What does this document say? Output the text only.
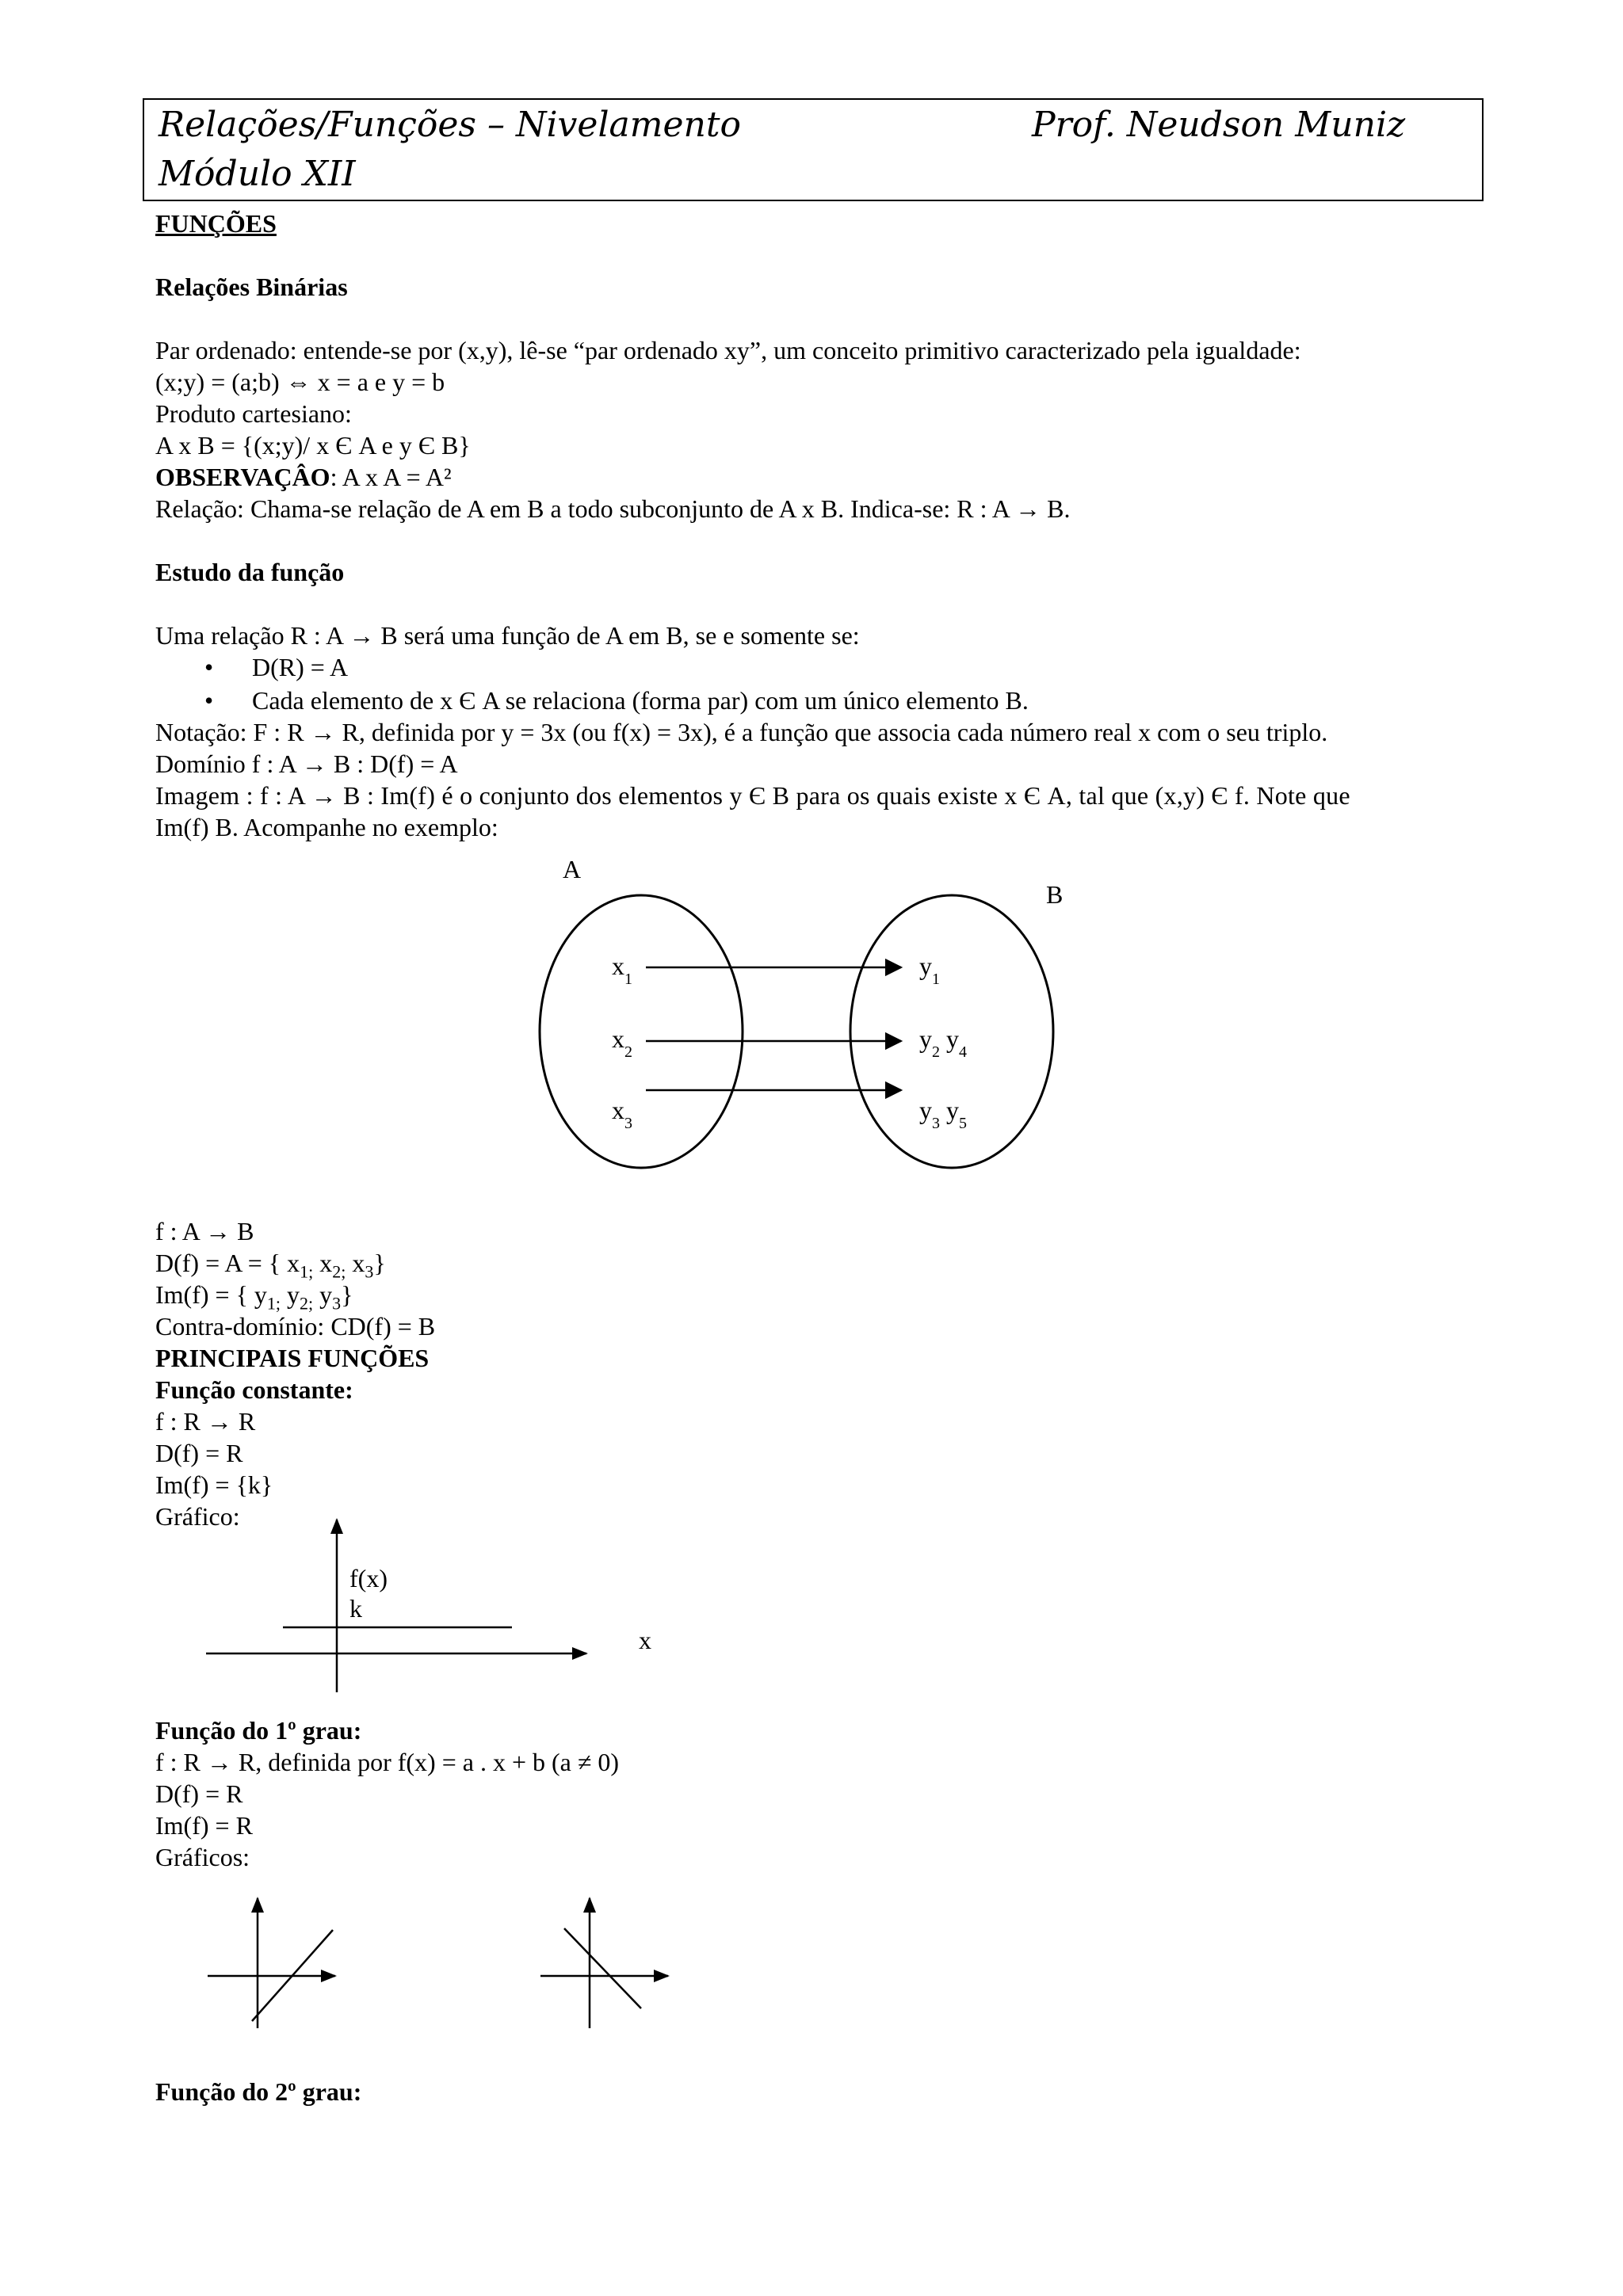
Relações/Funções – Nivelamento	Prof. Neudson Muniz
Módulo XII
FUNÇÕES
Relações Binárias
Par ordenado: entende-se por (x,y), lê-se “par ordenado xy”, um conceito primitivo caracterizado pela igualdade:
(x;y) = (a;b) ⇔ x = a e y = b
Produto cartesiano:
A x B = {(x;y)/ x Є A e y Є B}
OBSERVAÇÂO: A x A = A²
Relação: Chama-se relação de A em B a todo subconjunto de A x B. Indica-se: R : A → B.
Estudo da função
Uma relação R : A → B será uma função de A em B, se e somente se:
• D(R) = A
• Cada elemento de x Є A se relaciona (forma par) com um único elemento B.
Notação: F : R → R, definida por y = 3x (ou f(x) = 3x), é a função que associa cada número real x com o seu triplo.
Domínio f : A → B : D(f) = A
Imagem : f : A → B : Im(f) é o conjunto dos elementos y Є B para os quais existe x Є A, tal que (x,y) Є f. Note que
Im(f) B. Acompanhe no exemplo:
A
B
$x_1$
$x_2$
$x_3$
$y_1$
$y_2$ $y_4$
$y_3$ $y_5$
f : A → B
D(f) = A = { $x_{1;}$ $x_{2;}$ $x_3$}
Im(f) = { $y_{1;}$ $y_{2;}$ $y_3$}
Contra-domínio: CD(f) = B
PRINCIPAIS FUNÇÕES
Função constante:
f : R → R
D(f) = R
Im(f) = {k}
Gráfico:
f(x)
k
x
Função do 1º grau:
f : R → R, definida por f(x) = a . x + b (a ≠ 0)
D(f) = R
Im(f) = R
Gráficos:
Função do 2º grau:
